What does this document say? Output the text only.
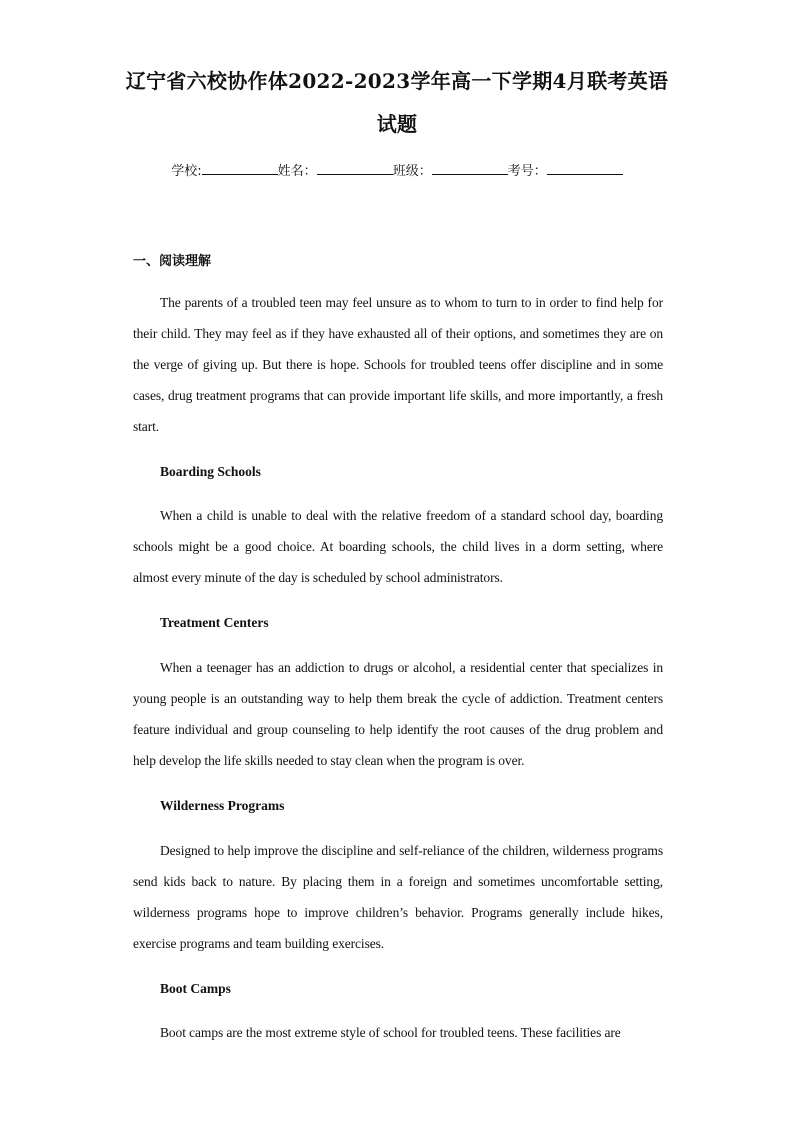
辽宁省六校协作体2022-2023学年高一下学期4月联考英语
试题
学校:	姓名：	班级：	考号：
一、阅读理解
The parents of a troubled teen may feel unsure as to whom to turn to in order to find help for their child. They may feel as if they have exhausted all of their options, and sometimes they are on the verge of giving up. But there is hope. Schools for troubled teens offer discipline and in some cases, drug treatment programs that can provide important life skills, and more importantly, a fresh start.
Boarding Schools
When a child is unable to deal with the relative freedom of a standard school day, boarding schools might be a good choice. At boarding schools, the child lives in a dorm setting, where almost every minute of the day is scheduled by school administrators.
Treatment Centers
When a teenager has an addiction to drugs or alcohol, a residential center that specializes in young people is an outstanding way to help them break the cycle of addiction. Treatment centers feature individual and group counseling to help identify the root causes of the drug problem and help develop the life skills needed to stay clean when the program is over.
Wilderness Programs
Designed to help improve the discipline and self-reliance of the children, wilderness programs send kids back to nature. By placing them in a foreign and sometimes uncomfortable setting, wilderness programs hope to improve children’s behavior. Programs generally include hikes, exercise programs and team building exercises.
Boot Camps
Boot camps are the most extreme style of school for troubled teens. These facilities are
